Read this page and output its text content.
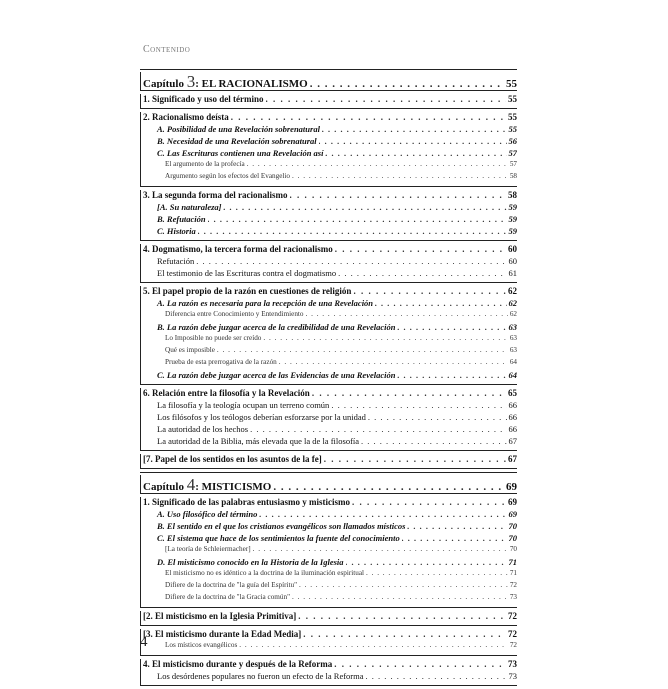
Contenido
Capítulo 3: EL RACIONALISMO . . .	55
1. Significado y uso del término . . .	55
2. Racionalismo deísta . . .	55
A. Posibilidad de una Revelación sobrenatural . . .	55
B. Necesidad de una Revelación sobrenatural . . .	56
C. Las Escrituras contienen una Revelación así . . .	57
El argumento de la profecía . . .	57
Argumento según los efectos del Evangelio . . .	58
3. La segunda forma del racionalismo . . .	58
[A. Su naturaleza] . . .	59
B. Refutación . . .	59
C. Historia . . .	59
4. Dogmatismo, la tercera forma del racionalismo . . .	60
Refutación . . .	60
El testimonio de las Escrituras contra el dogmatismo . . .	61
5. El papel propio de la razón en cuestiones de religión . . .	62
A. La razón es necesaria para la recepción de una Revelación . . .	62
Diferencia entre Conocimiento y Entendimiento . . .	62
B. La razón debe juzgar acerca de la credibilidad de una Revelación . . .	63
Lo Imposible no puede ser creído . . .	63
Qué es imposible . . .	63
Prueba de esta prerrogativa de la razón . . .	64
C. La razón debe juzgar acerca de las Evidencias de una Revelación . . .	64
6. Relación entre la filosofía y la Revelación . . .	65
La filosofía y la teología ocupan un terreno común . . .	66
Los filósofos y los teólogos deberían esforzarse por la unidad . . .	66
La autoridad de los hechos . . .	66
La autoridad de la Biblia, más elevada que la de la filosofía . . .	67
[7. Papel de los sentidos en los asuntos de la fe] . . .	67
Capítulo 4: MISTICISMO . . .	69
1. Significado de las palabras entusiasmo y misticismo . . .	69
A. Uso filosófico del término . . .	69
B. El sentido en el que los cristianos evangélicos son llamados místicos . . .	70
C. El sistema que hace de los sentimientos la fuente del conocimiento . . .	70
[La teoría de Schleiermacher] . . .	70
D. El misticismo conocido en la Historia de la Iglesia . . .	71
El misticismo no es idéntico a la doctrina de la iluminación espiritual . . .	71
Difiere de la doctrina de "la guía del Espíritu" . . .	72
Difiere de la doctrina de "la Gracia común" . . .	73
[2. El misticismo en la Iglesia Primitiva] . . .	72
[3. El misticismo durante la Edad Media] . . .	72
Los místicos evangélicos . . .	72
4. El misticismo durante y después de la Reforma . . .	73
Los desórdenes populares no fueron un efecto de la Reforma . . .	73
4
